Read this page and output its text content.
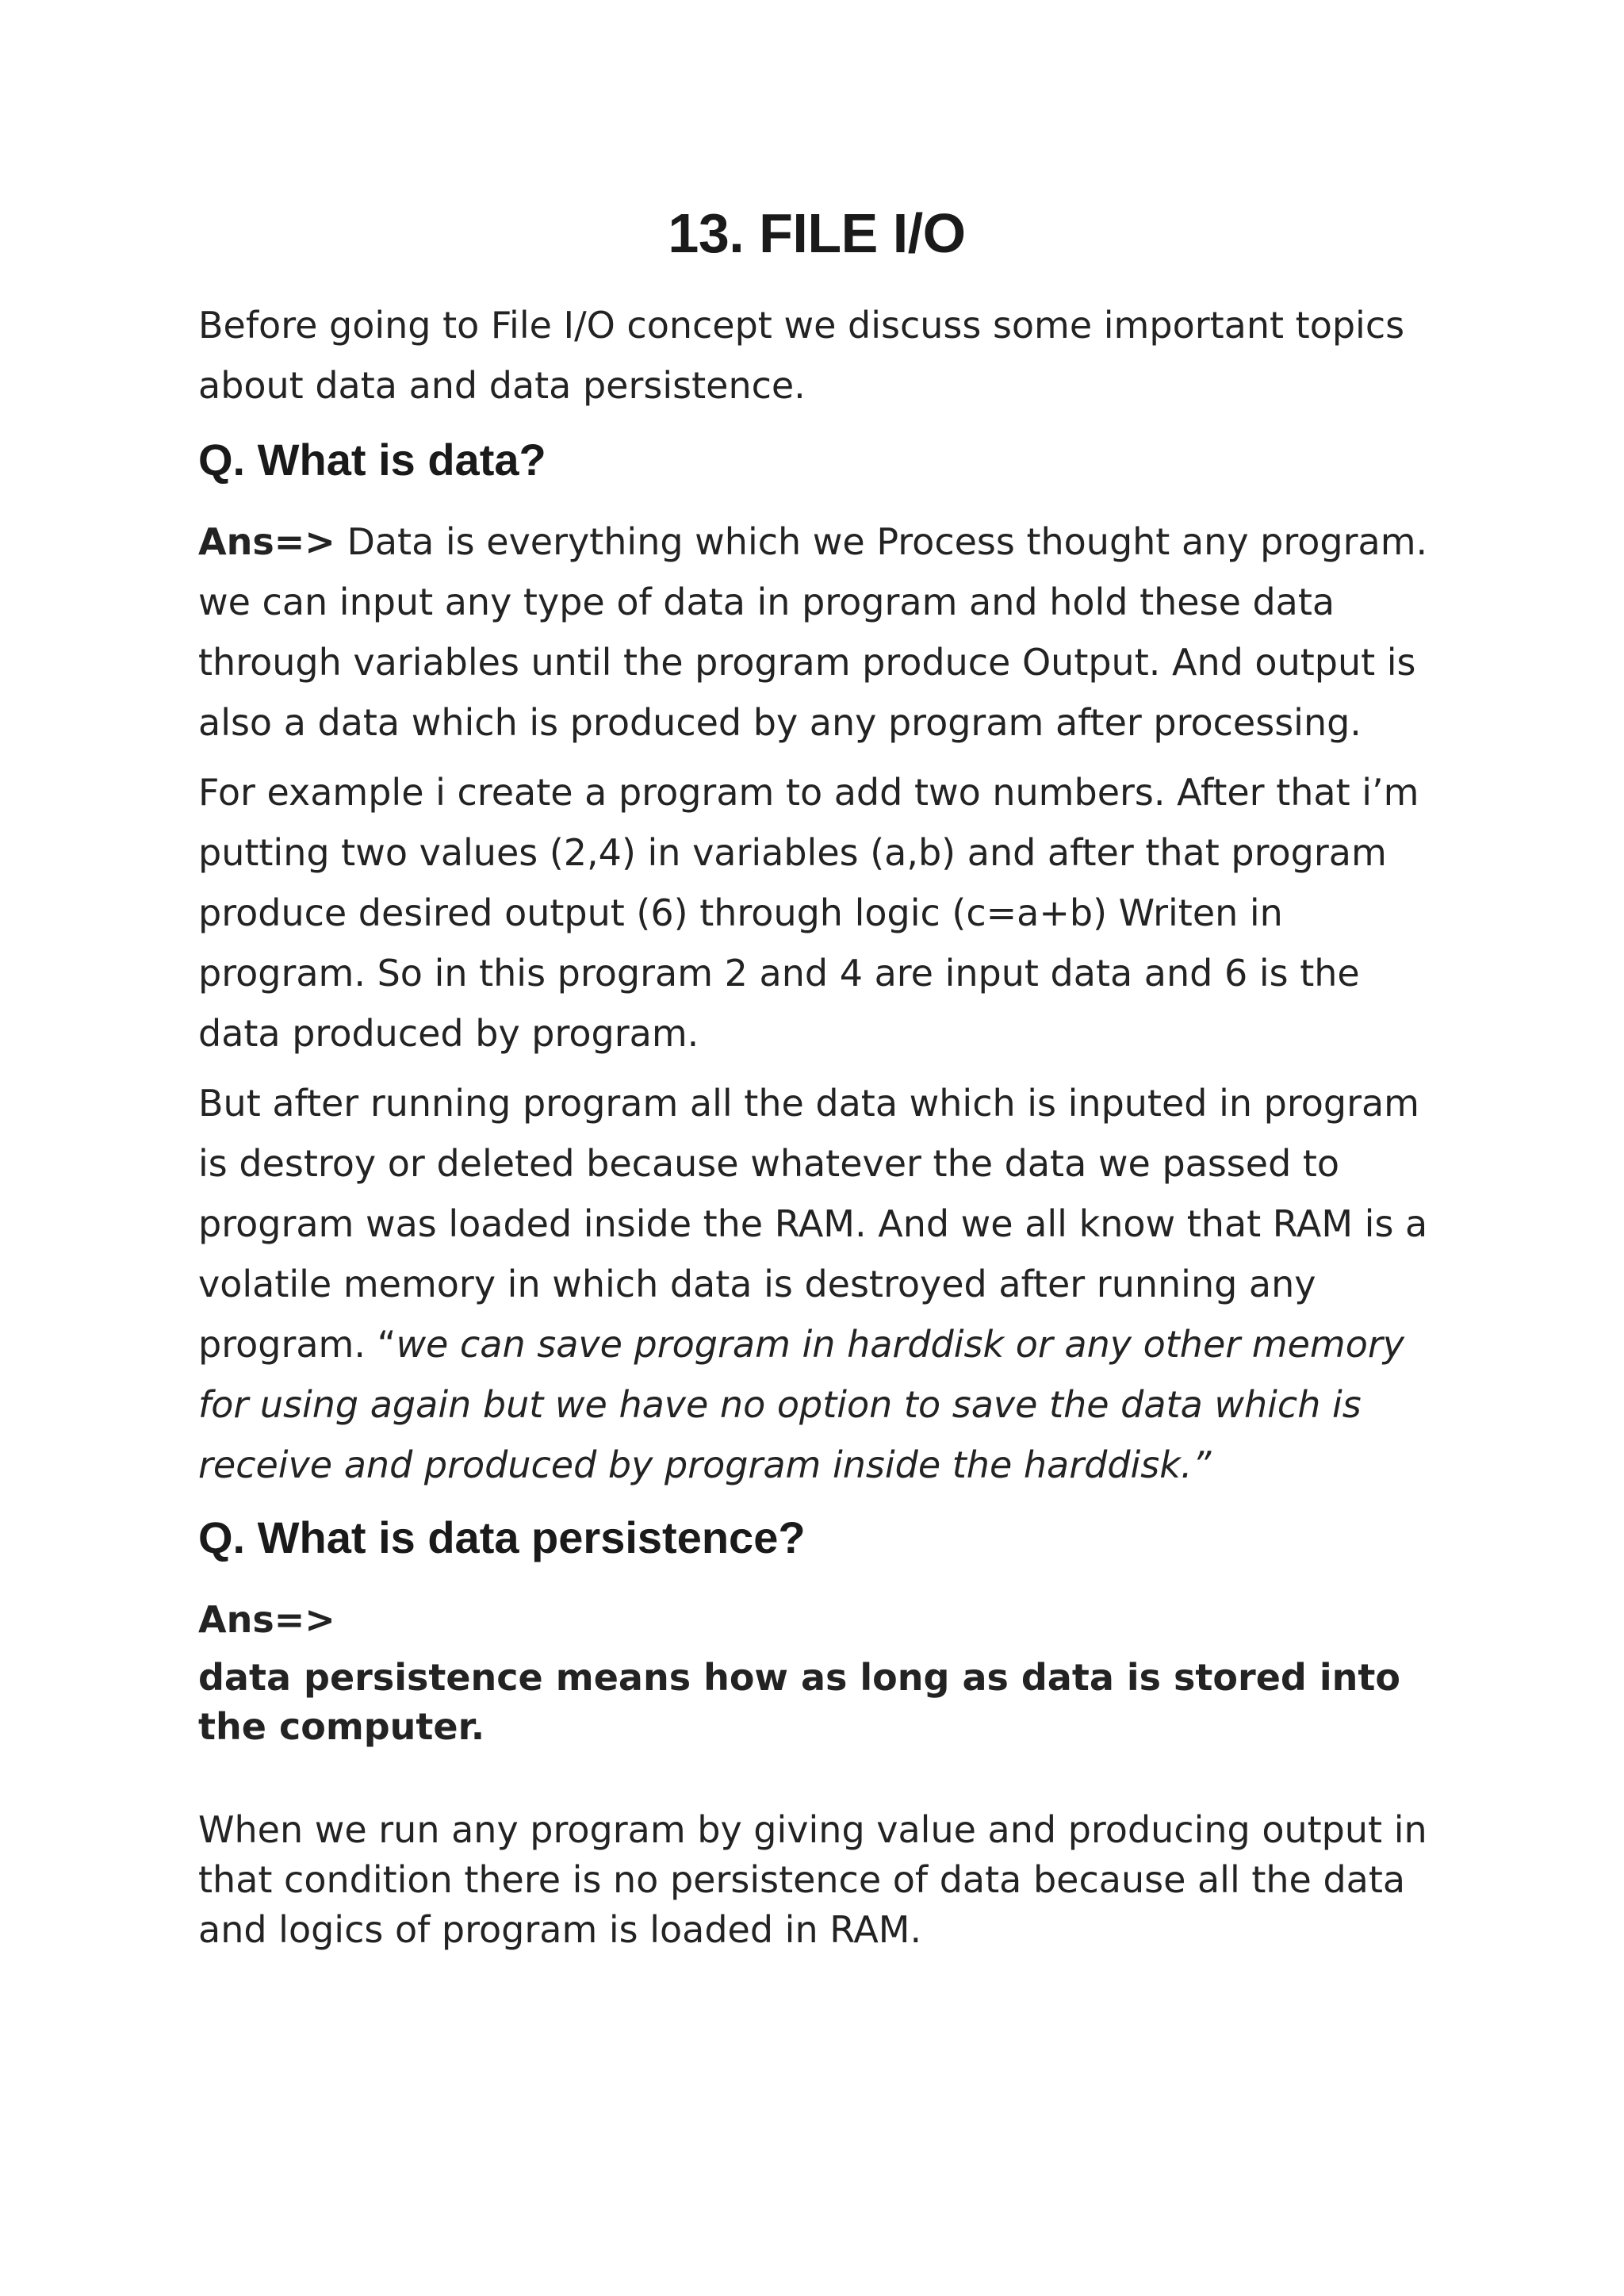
13. FILE I/O

Before going to File I/O concept we discuss some important topics
about data and data persistence.

Q. What is data?

Ans=> Data is everything which we Process thought any program.
we can input any type of data in program and hold these data
through variables until the program produce Output. And output is
also a data which is produced by any program after processing.

For example i create a program to add two numbers. After that i’m
putting two values (2,4) in variables (a,b) and after that program
produce desired output (6) through logic (c=a+b) Writen in
program. So in this program 2 and 4 are input data and 6 is the
data produced by program.

But after running program all the data which is inputed in program
is destroy or deleted because whatever the data we passed to
program was loaded inside the RAM. And we all know that RAM is a
volatile memory in which data is destroyed after running any
program. “we can save program in harddisk or any other memory
for using again but we have no option to save the data which is
receive and produced by program inside the harddisk.”

Q. What is data persistence?

Ans=>

data persistence means how as long as data is stored into
the computer.

When we run any program by giving value and producing output in
that condition there is no persistence of data because all the data
and logics of program is loaded in RAM.
